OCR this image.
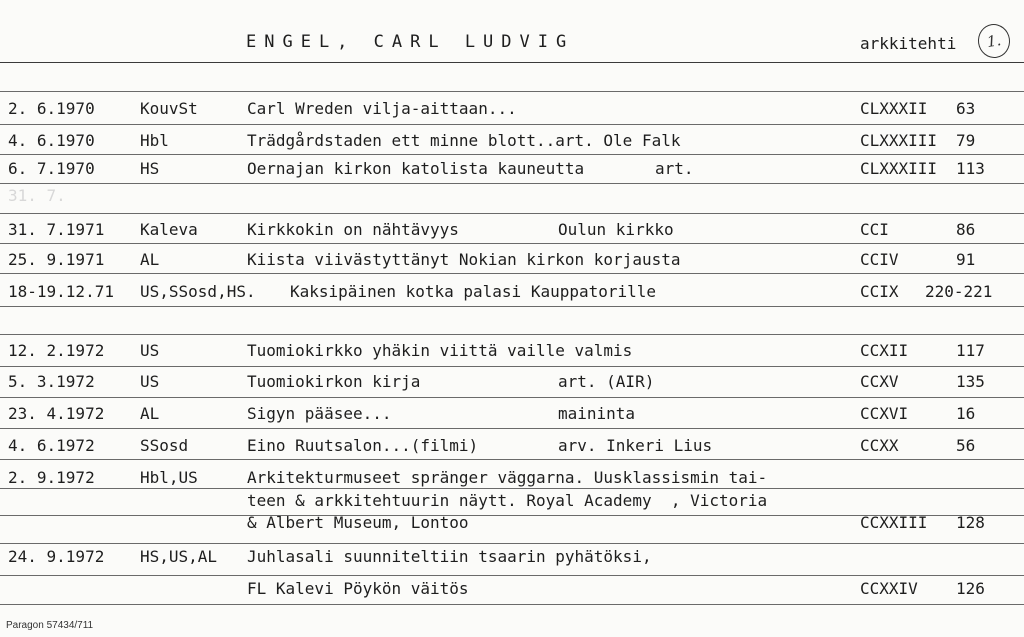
ENGEL, CARL LUDVIG	arkkitehti	1.
2. 6.1970	KouvSt	Carl Wreden vilja-aittaan...	CLXXXII 63
4. 6.1970	Hbl	Trädgårdstaden ett minne blott..art. Ole Falk	CLXXXIII 79
6. 7.1970	HS	Oernajan kirkon katolista kauneutta	art.	CLXXXIII 113
31. 7.
31. 7.1971 Kaleva	Kirkkokin on nähtävyys	Oulun kirkko	CCI	86
25. 9.1971 AL	Kiista viivästyttänyt Nokian kirkon korjausta	CCIV	91
18-19.12.71 US,SSosd,HS. Kaksipäinen kotka palasi Kauppatorille	CCIX 220-221
12. 2.1972 US	Tuomiokirkko yhäkin viittä vaille valmis	CCXII	117
5. 3.1972	US	Tuomiokirkon kirja	art. (AIR)	CCXV	135
23. 4.1972 AL	Sigyn pääsee...	maininta	CCXVI	16
4. 6.1972	SSosd	Eino Ruutsalon...(filmi)	arv. Inkeri Lius	CCXX	56
2. 9.1972	Hbl,US	Arkitekturmuseet spränger väggarna. Uusklassismin tai-
teen & arkkitehtuurin näytt. Royal Academy  , Victoria
& Albert Museum, Lontoo	CCXXIII 128
24. 9.1972 HS,US,AL Juhlasali suunniteltiin tsaarin pyhätöksi,
FL Kalevi Pöykön väitös	CCXXIV 126
Paragon 57434/711
